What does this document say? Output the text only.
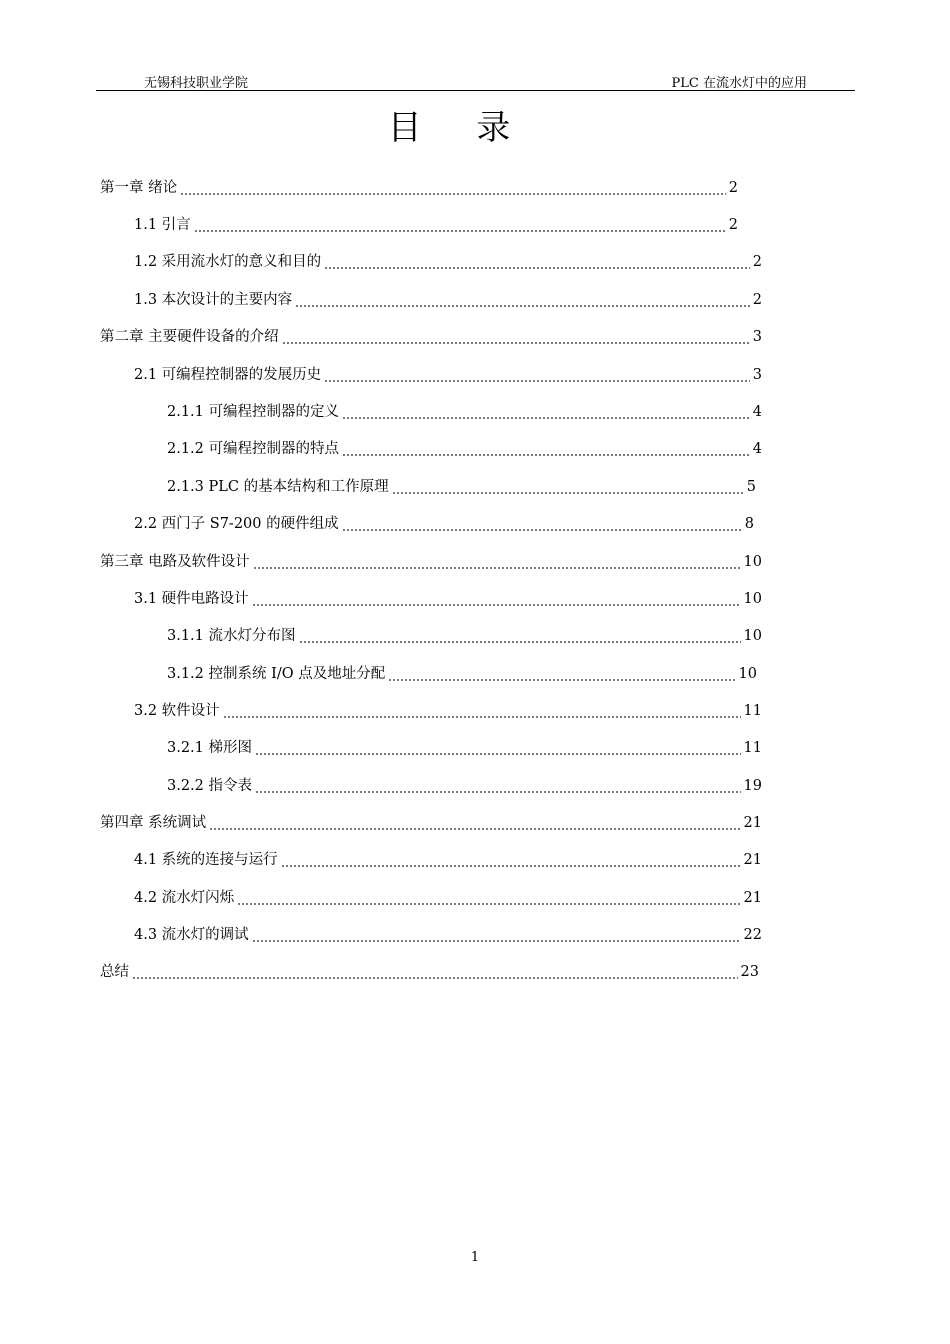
无锡科技职业学院	PLC 在流水灯中的应用
目 录
第一章 绪论	2
1.1 引言	2
1.2 采用流水灯的意义和目的	2
1.3 本次设计的主要内容	2
第二章 主要硬件设备的介绍	3
2.1 可编程控制器的发展历史	3
2.1.1 可编程控制器的定义	4
2.1.2 可编程控制器的特点	4
2.1.3 PLC 的基本结构和工作原理	5
2.2 西门子 S7-200 的硬件组成	8
第三章 电路及软件设计	10
3.1 硬件电路设计	10
3.1.1 流水灯分布图	10
3.1.2 控制系统 I/O 点及地址分配	10
3.2 软件设计	11
3.2.1 梯形图	11
3.2.2 指令表	19
第四章 系统调试	21
4.1 系统的连接与运行	21
4.2 流水灯闪烁	21
4.3 流水灯的调试	22
总结	23
1
